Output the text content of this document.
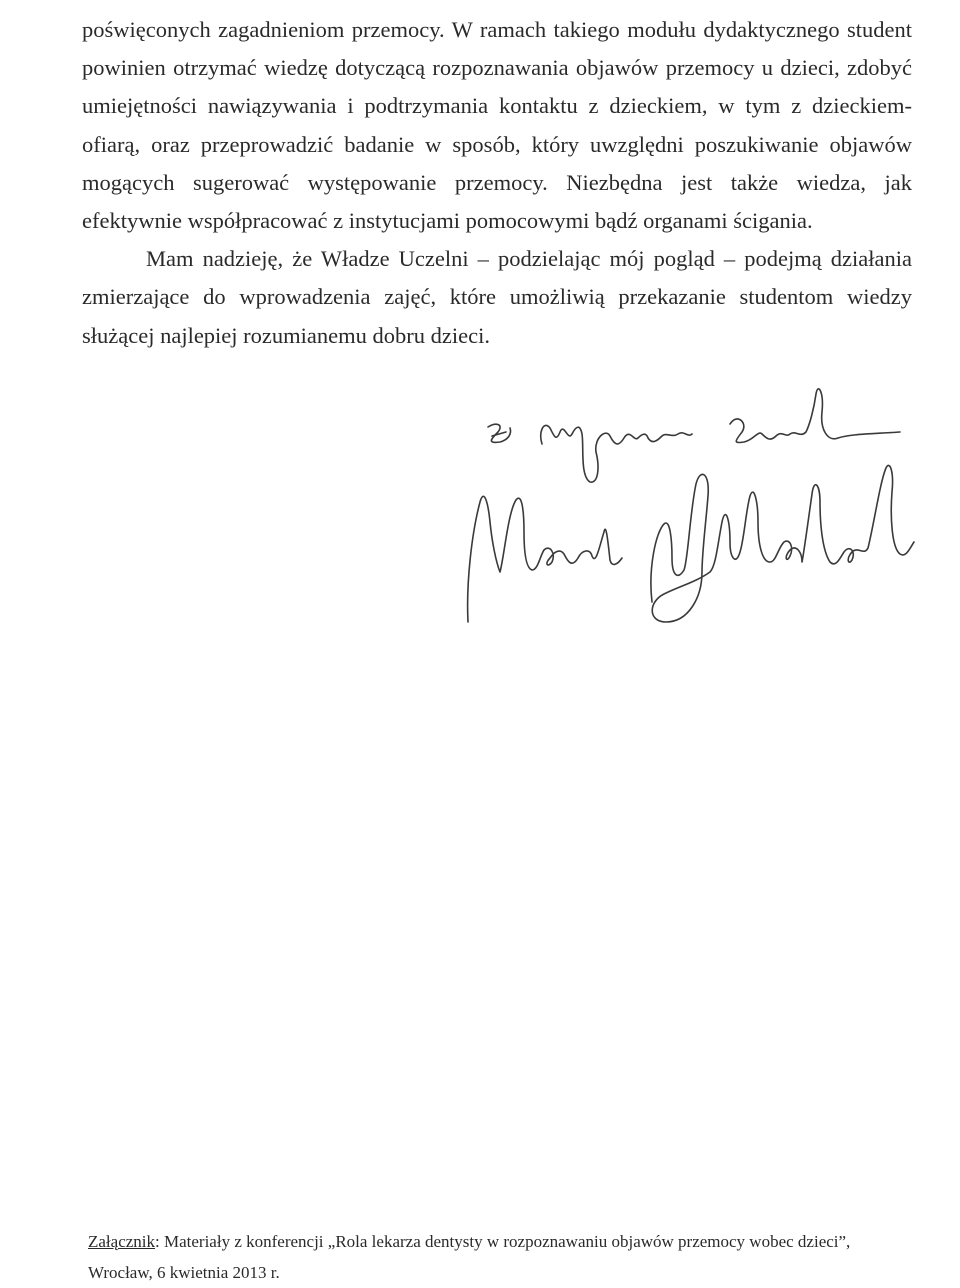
poświęconych zagadnieniom przemocy. W ramach takiego modułu dydaktycznego student powinien otrzymać wiedzę dotyczącą rozpoznawania objawów przemocy u dzieci, zdobyć umiejętności nawiązywania i podtrzymania kontaktu z dzieckiem, w tym z dzieckiem-ofiarą, oraz przeprowadzić badanie w sposób, który uwzględni poszukiwanie objawów mogących sugerować występowanie przemocy. Niezbędna jest także wiedza, jak efektywnie współpracować z instytucjami pomocowymi bądź organami ścigania.

Mam nadzieję, że Władze Uczelni – podzielając mój pogląd – podejmą działania zmierzające do wprowadzenia zajęć, które umożliwią przekazanie studentom wiedzy służącej najlepiej rozumianemu dobru dzieci.

Załącznik: Materiały z konferencji „Rola lekarza dentysty w rozpoznawaniu objawów przemocy wobec dzieci”,
Wrocław, 6 kwietnia 2013 r.
